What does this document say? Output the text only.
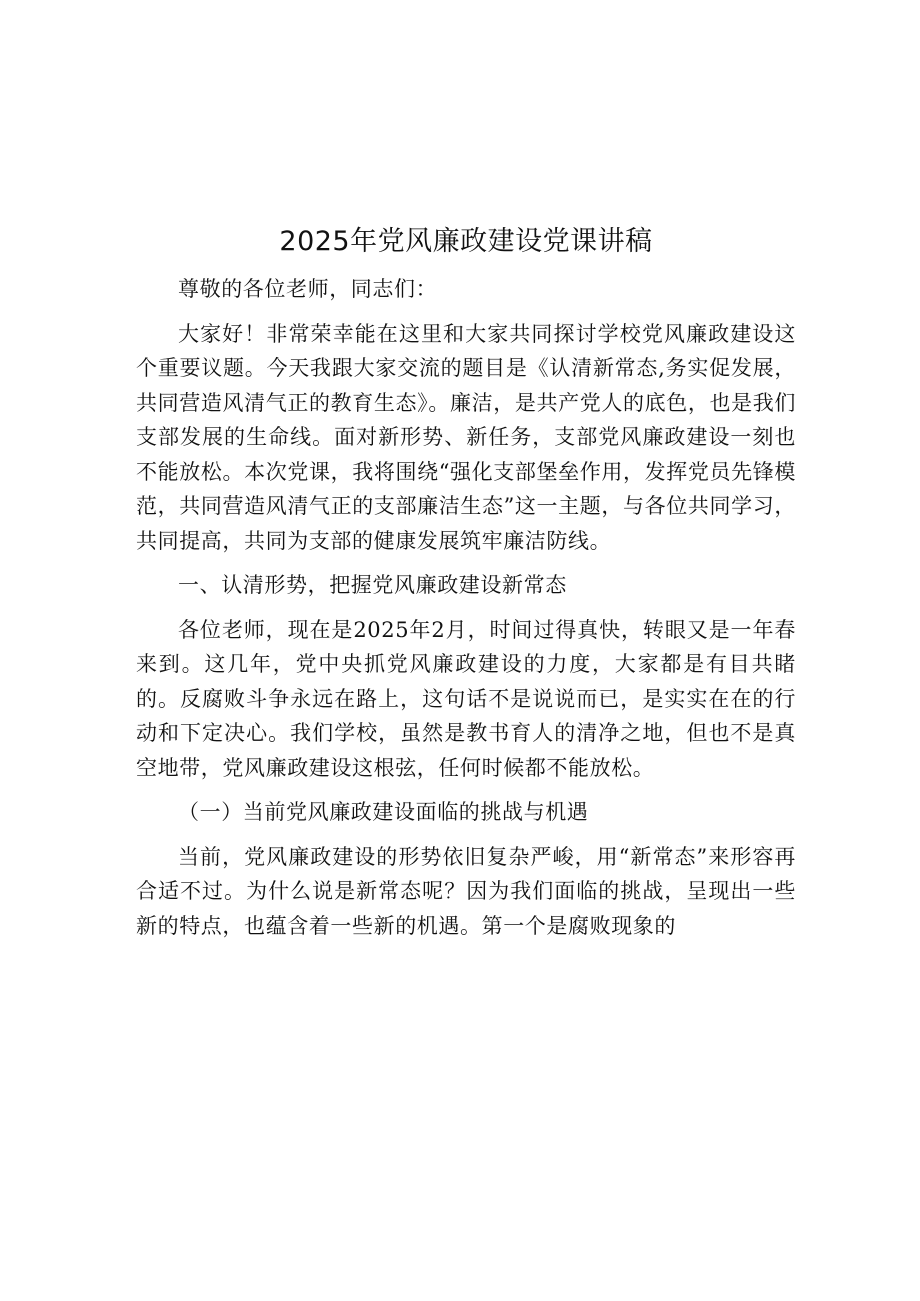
2025年党风廉政建设党课讲稿

尊敬的各位老师，同志们：

大家好！非常荣幸能在这里和大家共同探讨学校党风廉政建设这个重要议题。今天我跟大家交流的题目是《认清新常态,务实促发展，共同营造风清气正的教育生态》。廉洁，是共产党人的底色，也是我们支部发展的生命线。面对新形势、新任务，支部党风廉政建设一刻也不能放松。本次党课，我将围绕“强化支部堡垒作用，发挥党员先锋模范，共同营造风清气正的支部廉洁生态”这一主题，与各位共同学习，共同提高，共同为支部的健康发展筑牢廉洁防线。

一、认清形势，把握党风廉政建设新常态

各位老师，现在是2025年2月，时间过得真快，转眼又是一年春来到。这几年，党中央抓党风廉政建设的力度，大家都是有目共睹的。反腐败斗争永远在路上，这句话不是说说而已，是实实在在的行动和下定决心。我们学校，虽然是教书育人的清净之地，但也不是真空地带，党风廉政建设这根弦，任何时候都不能放松。

（一）当前党风廉政建设面临的挑战与机遇

当前，党风廉政建设的形势依旧复杂严峻，用“新常态”来形容再合适不过。为什么说是新常态呢？因为我们面临的挑战，呈现出一些新的特点，也蕴含着一些新的机遇。第一个是腐败现象的
